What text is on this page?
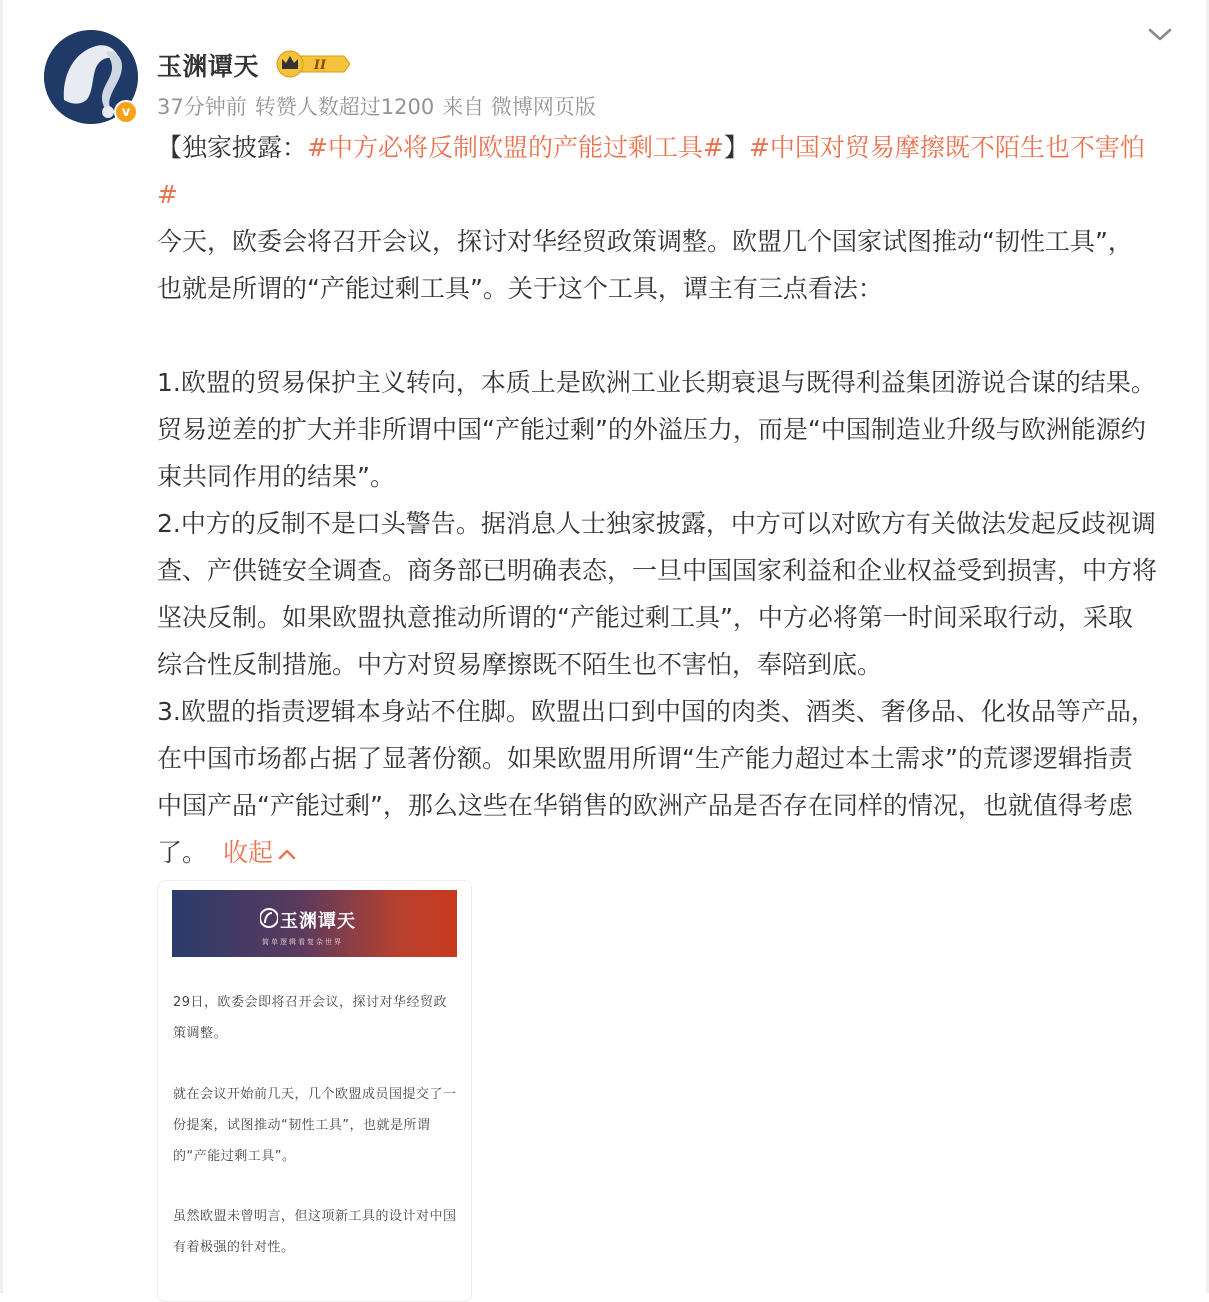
v
玉渊谭天	II
37分钟前 转赞人数超过1200 来自 微博网页版

【独家披露：#中方必将反制欧盟的产能过剩工具#】#中国对贸易摩擦既不陌生也不害怕#

今天，欧委会将召开会议，探讨对华经贸政策调整。欧盟几个国家试图推动“韧性工具”，也就是所谓的“产能过剩工具”。关于这个工具，谭主有三点看法：

1.欧盟的贸易保护主义转向，本质上是欧洲工业长期衰退与既得利益集团游说合谋的结果。贸易逆差的扩大并非所谓中国“产能过剩”的外溢压力，而是“中国制造业升级与欧洲能源约束共同作用的结果”。

2.中方的反制不是口头警告。据消息人士独家披露，中方可以对欧方有关做法发起反歧视调查、产供链安全调查。商务部已明确表态，一旦中国国家利益和企业权益受到损害，中方将坚决反制。如果欧盟执意推动所谓的“产能过剩工具”，中方必将第一时间采取行动，采取综合性反制措施。中方对贸易摩擦既不陌生也不害怕，奉陪到底。

3.欧盟的指责逻辑本身站不住脚。欧盟出口到中国的肉类、酒类、奢侈品、化妆品等产品，在中国市场都占据了显著份额。如果欧盟用所谓“生产能力超过本土需求”的荒谬逻辑指责中国产品“产能过剩”，那么这些在华销售的欧洲产品是否存在同样的情况，也就值得考虑了。 收起

玉渊谭天
简单逻辑看复杂世界
29日，欧委会即将召开会议，探讨对华经贸政策调整。
就在会议开始前几天，几个欧盟成员国提交了一份提案，试图推动“韧性工具”，也就是所谓的“产能过剩工具”。
虽然欧盟未曾明言，但这项新工具的设计对中国有着极强的针对性。
